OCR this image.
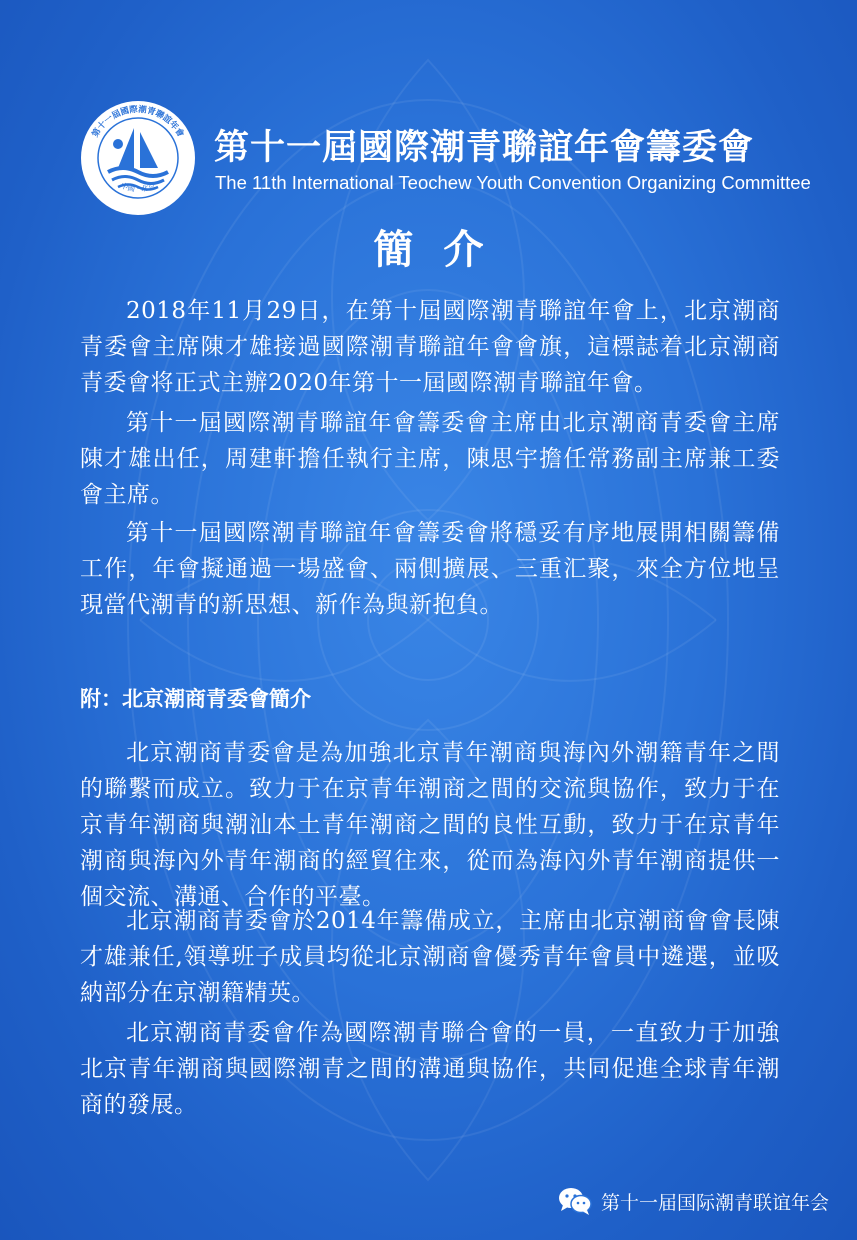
第十一屆國際潮青聯誼年會
中國 · 北京
第十一屆國際潮青聯誼年會籌委會
The 11th International Teochew Youth Convention Organizing Committee
簡介

2018年11月29日，在第十屆國際潮青聯誼年會上，北京潮商青委會主席陳才雄接過國際潮青聯誼年會會旗，這標誌着北京潮商青委會将正式主辦2020年第十一屆國際潮青聯誼年會。

第十一屆國際潮青聯誼年會籌委會主席由北京潮商青委會主席陳才雄出任，周建軒擔任執行主席，陳思宇擔任常務副主席兼工委會主席。

第十一屆國際潮青聯誼年會籌委會將穩妥有序地展開相關籌備工作，年會擬通過一場盛會、兩側擴展、三重汇聚，來全方位地呈現當代潮青的新思想、新作為與新抱負。

附：北京潮商青委會簡介

北京潮商青委會是為加強北京青年潮商與海內外潮籍青年之間的聯繫而成立。致力于在京青年潮商之間的交流與協作，致力于在京青年潮商與潮汕本土青年潮商之間的良性互動，致力于在京青年潮商與海內外青年潮商的經貿往來，從而為海內外青年潮商提供一個交流、溝通、合作的平臺。

北京潮商青委會於2014年籌備成立，主席由北京潮商會會長陳才雄兼任,領導班子成員均從北京潮商會優秀青年會員中遴選，並吸納部分在京潮籍精英。

北京潮商青委會作為國際潮青聯合會的一員，一直致力于加強北京青年潮商與國際潮青之間的溝通與協作，共同促進全球青年潮商的發展。

第十一届国际潮青联谊年会
